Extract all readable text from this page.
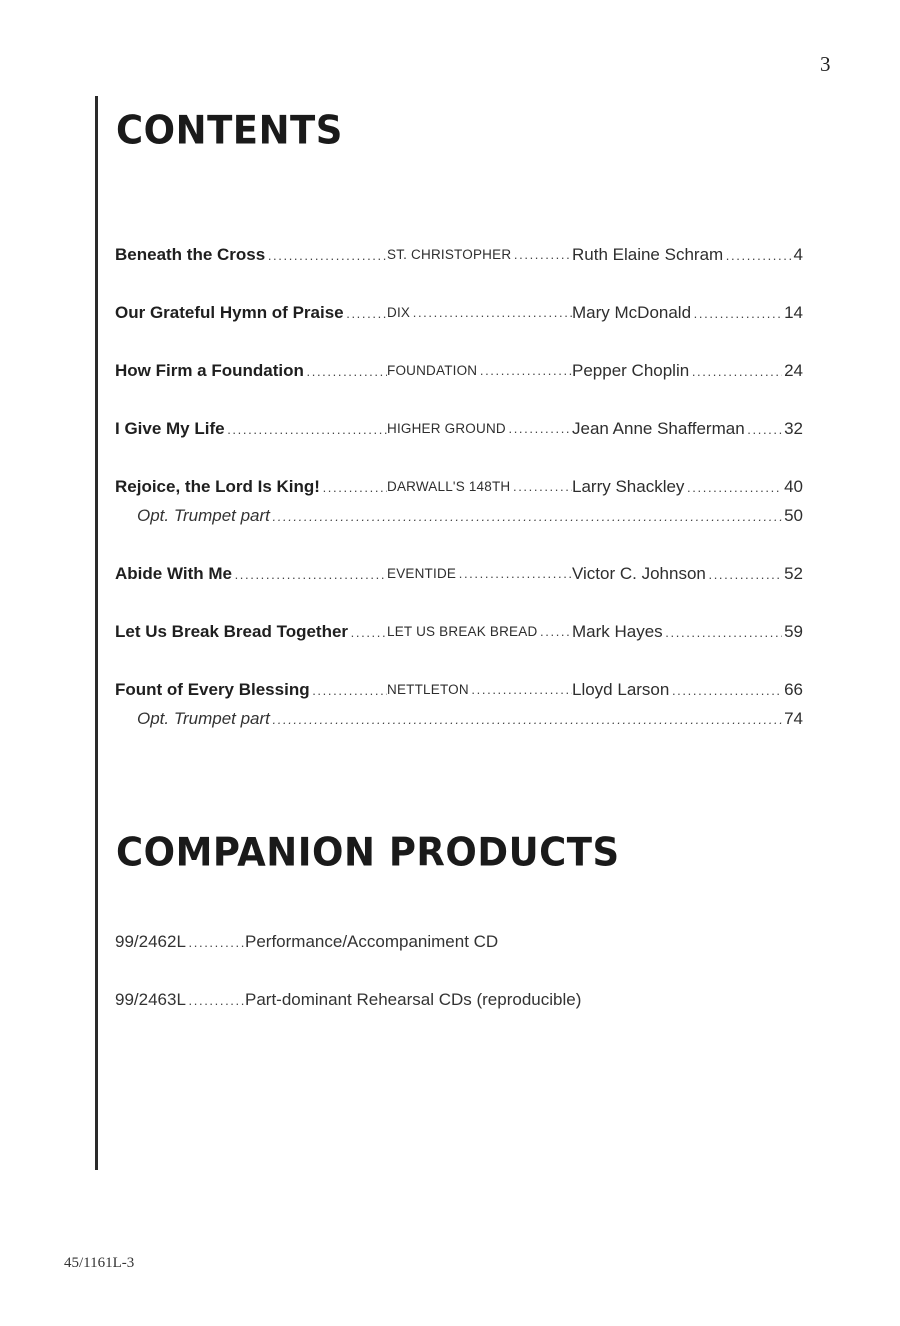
3
CONTENTS
Beneath the Cross . . .	ST. CHRISTOPHER . . .	Ruth Elaine Schram . . .	4
Our Grateful Hymn of Praise . . .	DIX . . .	Mary McDonald . . .	14
How Firm a Foundation . . .	FOUNDATION . . .	Pepper Choplin . . .	24
I Give My Life . . .	HIGHER GROUND . . .	Jean Anne Shafferman . . .	32
Rejoice, the Lord Is King! . . .	DARWALL'S 148TH . . .	Larry Shackley . . .	40
Opt. Trumpet part . . .	50
Abide With Me . . .	EVENTIDE . . .	Victor C. Johnson . . .	52
Let Us Break Bread Together . . .	LET US BREAK BREAD . . .	Mark Hayes . . .	59
Fount of Every Blessing . . .	NETTLETON . . .	Lloyd Larson . . .	66
Opt. Trumpet part . . .	74
COMPANION PRODUCTS
99/2462L . . .	Performance/Accompaniment CD
99/2463L . . .	Part-dominant Rehearsal CDs (reproducible)
45/1161L-3
